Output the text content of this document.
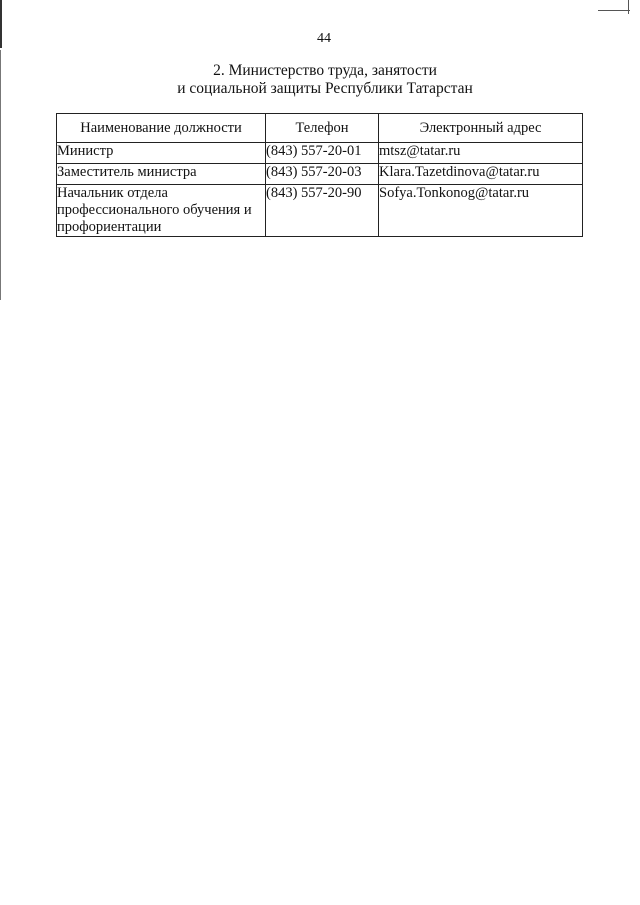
44
2. Министерство труда, занятости
и социальной защиты Республики Татарстан
Наименование должности	Телефон	Электронный адрес
Министр	(843) 557-20-01	mtsz@tatar.ru
Заместитель министра	(843) 557-20-03	Klara.Tazetdinova@tatar.ru
Начальник отдела профессионального обучения и профориентации	(843) 557-20-90	Sofya.Tonkonog@tatar.ru
